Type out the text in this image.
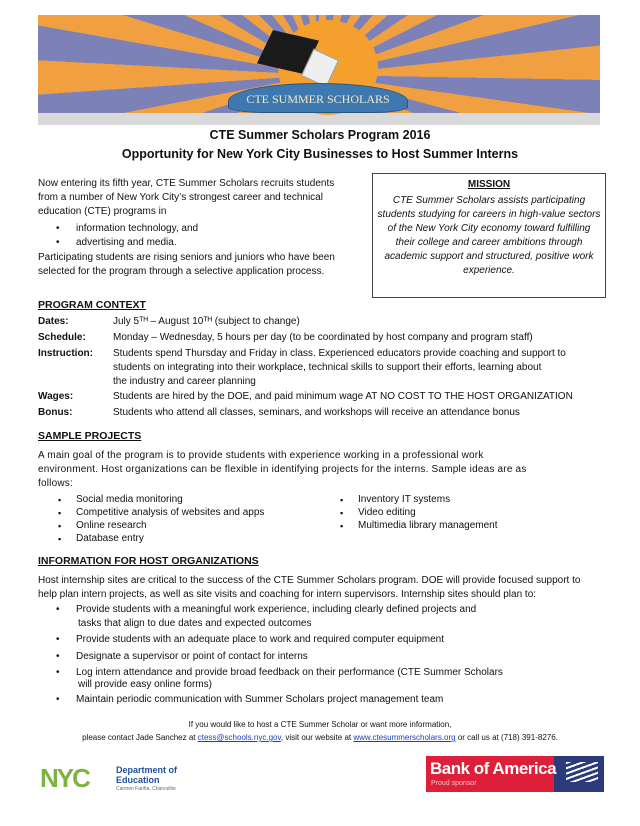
CTE SUMMER SCHOLARS
CTE Summer Scholars Program 2016
Opportunity for New York City Businesses to Host Summer Interns
Now entering its fifth year, CTE Summer Scholars recruits students
from a number of New York City’s strongest career and technical
education (CTE) programs in
• information technology, and
• advertising and media.
Participating students are rising seniors and juniors who have been
selected for the program through a selective application process.
PROGRAM CONTEXT
Dates:	July 5ᵀᴴ – August 10ᵀᴴ (subject to change)
Schedule:	Monday – Wednesday, 5 hours per day (to be coordinated by host company and program staff)
Instruction: Students spend Thursday and Friday in class. Experienced educators provide coaching and support to
students on integrating into their workplace, technical skills to support their efforts, learning about
the industry and career planning
Wages:	Students are hired by the DOE, and paid minimum wage AT NO COST TO THE HOST ORGANIZATION
Bonus:	Students who attend all classes, seminars, and workshops will receive an attendance bonus
SAMPLE PROJECTS
A main goal of the program is to provide students with experience working in a professional work
environment. Host organizations can be flexible in identifying projects for the interns. Sample ideas are as
follows:
▪ Social media monitoring
▪ Competitive analysis of websites and apps
▪ Online research
▪ Database entry
▪ Inventory IT systems
▪ Video editing
▪ Multimedia library management
INFORMATION FOR HOST ORGANIZATIONS
Host internship sites are critical to the success of the CTE Summer Scholars program. DOE will provide focused support to
help plan intern projects, as well as site visits and coaching for intern supervisors. Internship sites should plan to:
• Provide students with a meaningful work experience, including clearly defined projects and
tasks that align to due dates and expected outcomes
• Provide students with an adequate place to work and required computer equipment
• Designate a supervisor or point of contact for interns
• Log intern attendance and provide broad feedback on their performance (CTE Summer Scholars
will provide easy online forms)
• Maintain periodic communication with Summer Scholars project management team
MISSION
CTE Summer Scholars assists participating students studying for careers in high-value sectors of the New York City economy toward fulfilling their college and career ambitions through academic support and structured, positive work experience.
If you would like to host a CTE Summer Scholar or want more information,
please contact Jade Sanchez at ctess@schools.nyc.gov, visit our website at www.ctesummerscholars.org or call us at (718) 391-8276.
NYC	Department of Education
Carmen Fariña, Chancellor
Bank of America
Proud sponsor
